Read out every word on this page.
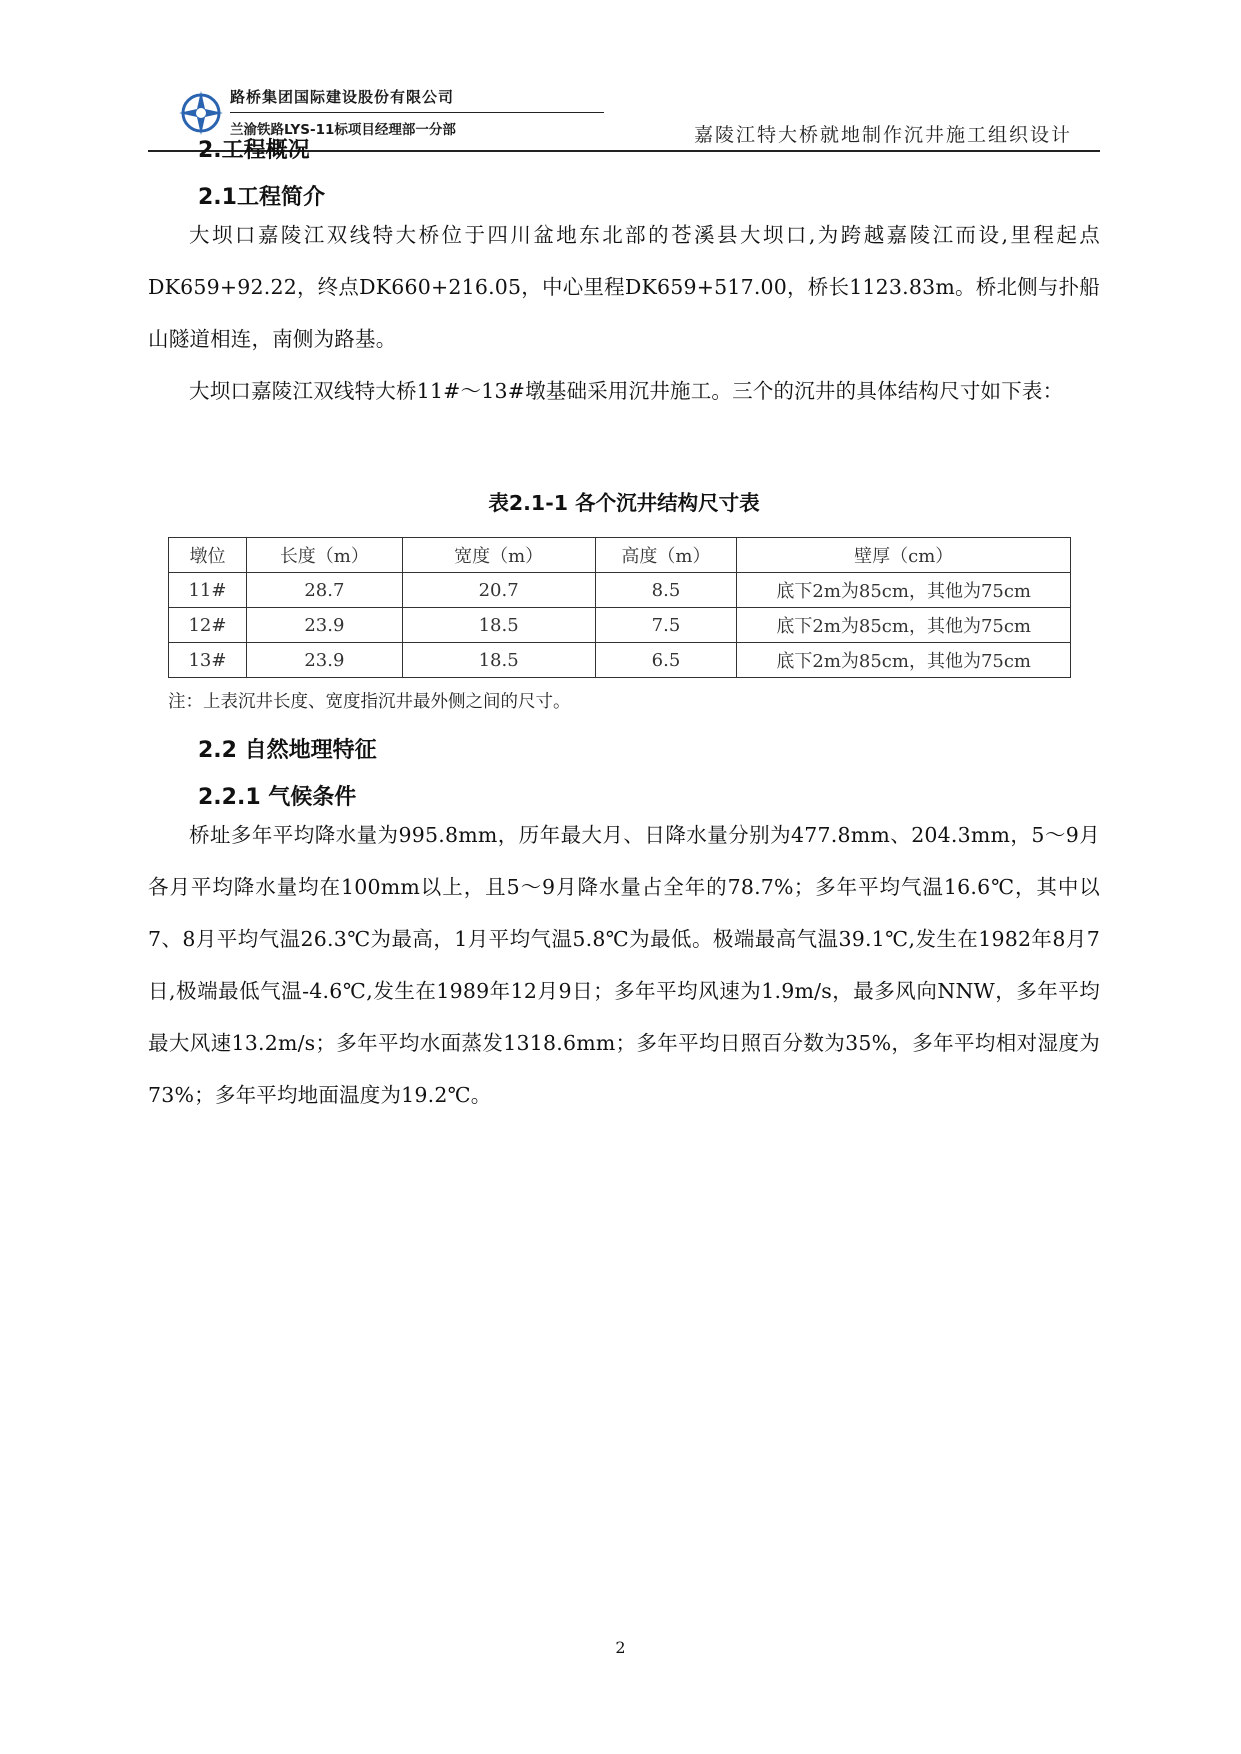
路桥集团国际建设股份有限公司
兰渝铁路LYS-11标项目经理部一分部	嘉陵江特大桥就地制作沉井施工组织设计
2.工程概况
2.1工程简介

大坝口嘉陵江双线特大桥位于四川盆地东北部的苍溪县大坝口,为跨越嘉陵江而设,里程起点DK659+92.22，终点DK660+216.05，中心里程DK659+517.00，桥长1123.83m。桥北侧与扑船山隧道相连，南侧为路基。

大坝口嘉陵江双线特大桥11#～13#墩基础采用沉井施工。三个的沉井的具体结构尺寸如下表：

表2.1-1 各个沉井结构尺寸表
墩位	长度（m）	宽度（m）	高度（m）	壁厚（cm）
11#	28.7	20.7	8.5	底下2m为85cm，其他为75cm
12#	23.9	18.5	7.5	底下2m为85cm，其他为75cm
13#	23.9	18.5	6.5	底下2m为85cm，其他为75cm
注：上表沉井长度、宽度指沉井最外侧之间的尺寸。
2.2 自然地理特征
2.2.1 气候条件

桥址多年平均降水量为995.8mm，历年最大月、日降水量分别为477.8mm、204.3mm，5～9月各月平均降水量均在100mm以上，且5～9月降水量占全年的78.7%；多年平均气温16.6℃，其中以7、8月平均气温26.3℃为最高，1月平均气温5.8℃为最低。极端最高气温39.1℃,发生在1982年8月7日,极端最低气温-4.6℃,发生在1989年12月9日；多年平均风速为1.9m/s，最多风向NNW，多年平均最大风速13.2m/s；多年平均水面蒸发1318.6mm；多年平均日照百分数为35%，多年平均相对湿度为73%；多年平均地面温度为19.2℃。

2
